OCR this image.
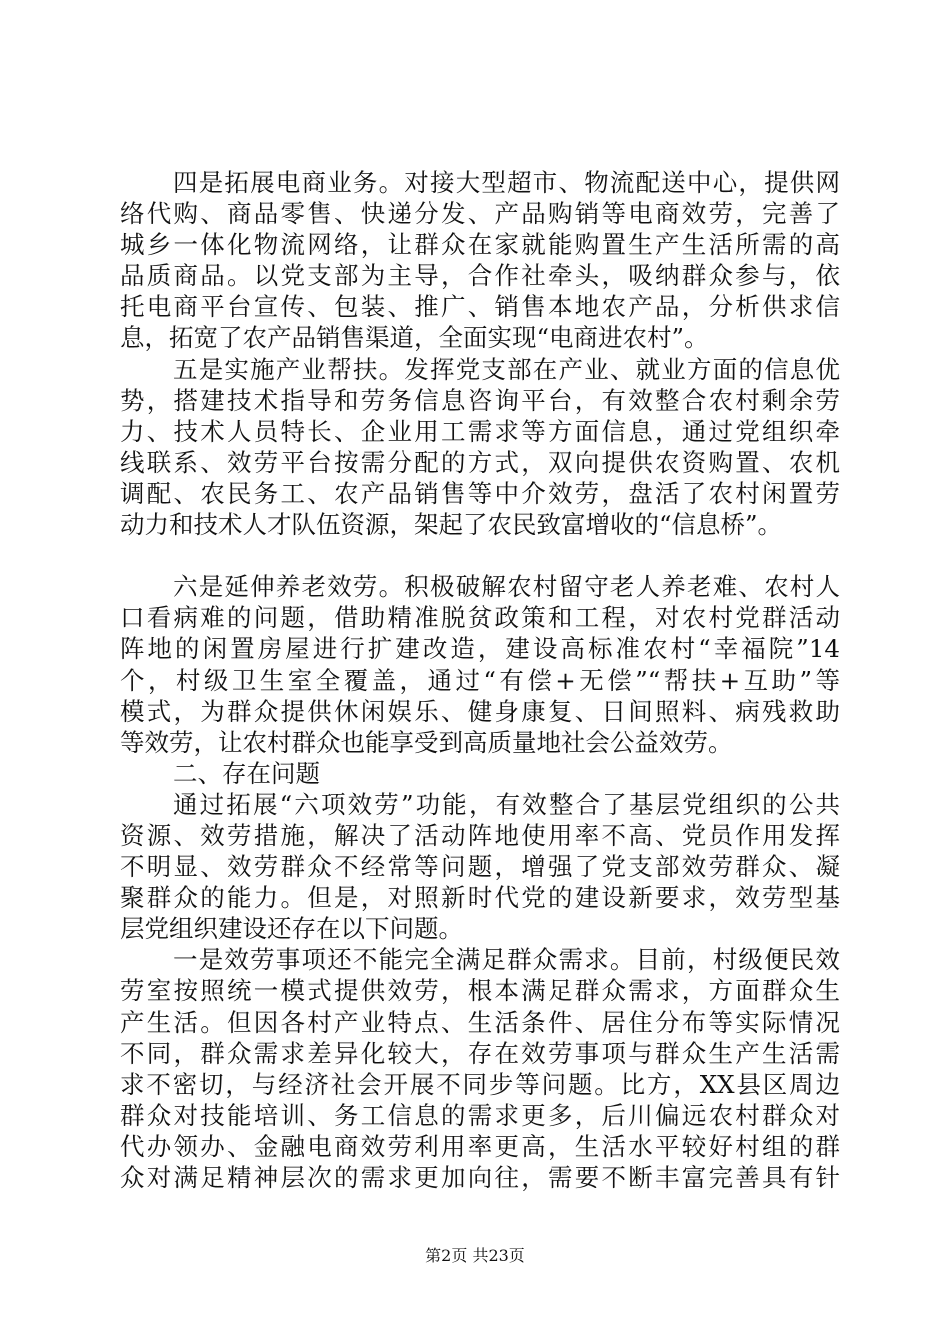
四是拓展电商业务。对接大型超市、物流配送中心，提供网
络代购、商品零售、快递分发、产品购销等电商效劳，完善了
城乡一体化物流网络，让群众在家就能购置生产生活所需的高
品质商品。以党支部为主导，合作社牵头，吸纳群众参与，依
托电商平台宣传、包装、推广、销售本地农产品，分析供求信
息，拓宽了农产品销售渠道，全面实现“电商进农村”。
五是实施产业帮扶。发挥党支部在产业、就业方面的信息优
势，搭建技术指导和劳务信息咨询平台，有效整合农村剩余劳
力、技术人员特长、企业用工需求等方面信息，通过党组织牵
线联系、效劳平台按需分配的方式，双向提供农资购置、农机
调配、农民务工、农产品销售等中介效劳，盘活了农村闲置劳
动力和技术人才队伍资源，架起了农民致富增收的“信息桥”。
六是延伸养老效劳。积极破解农村留守老人养老难、农村人
口看病难的问题，借助精准脱贫政策和工程，对农村党群活动
阵地的闲置房屋进行扩建改造，建设高标准农村“幸福院”14
个，村级卫生室全覆盖，通过“有偿+无偿”“帮扶+互助”等
模式，为群众提供休闲娱乐、健身康复、日间照料、病残救助
等效劳，让农村群众也能享受到高质量地社会公益效劳。
二、存在问题
通过拓展“六项效劳”功能，有效整合了基层党组织的公共
资源、效劳措施，解决了活动阵地使用率不高、党员作用发挥
不明显、效劳群众不经常等问题，增强了党支部效劳群众、凝
聚群众的能力。但是，对照新时代党的建设新要求，效劳型基
层党组织建设还存在以下问题。
一是效劳事项还不能完全满足群众需求。目前，村级便民效
劳室按照统一模式提供效劳，根本满足群众需求，方面群众生
产生活。但因各村产业特点、生活条件、居住分布等实际情况
不同，群众需求差异化较大，存在效劳事项与群众生产生活需
求不密切，与经济社会开展不同步等问题。比方，XX县区周边
群众对技能培训、务工信息的需求更多，后川偏远农村群众对
代办领办、金融电商效劳利用率更高，生活水平较好村组的群
众对满足精神层次的需求更加向往，需要不断丰富完善具有针
第2页 共23页
